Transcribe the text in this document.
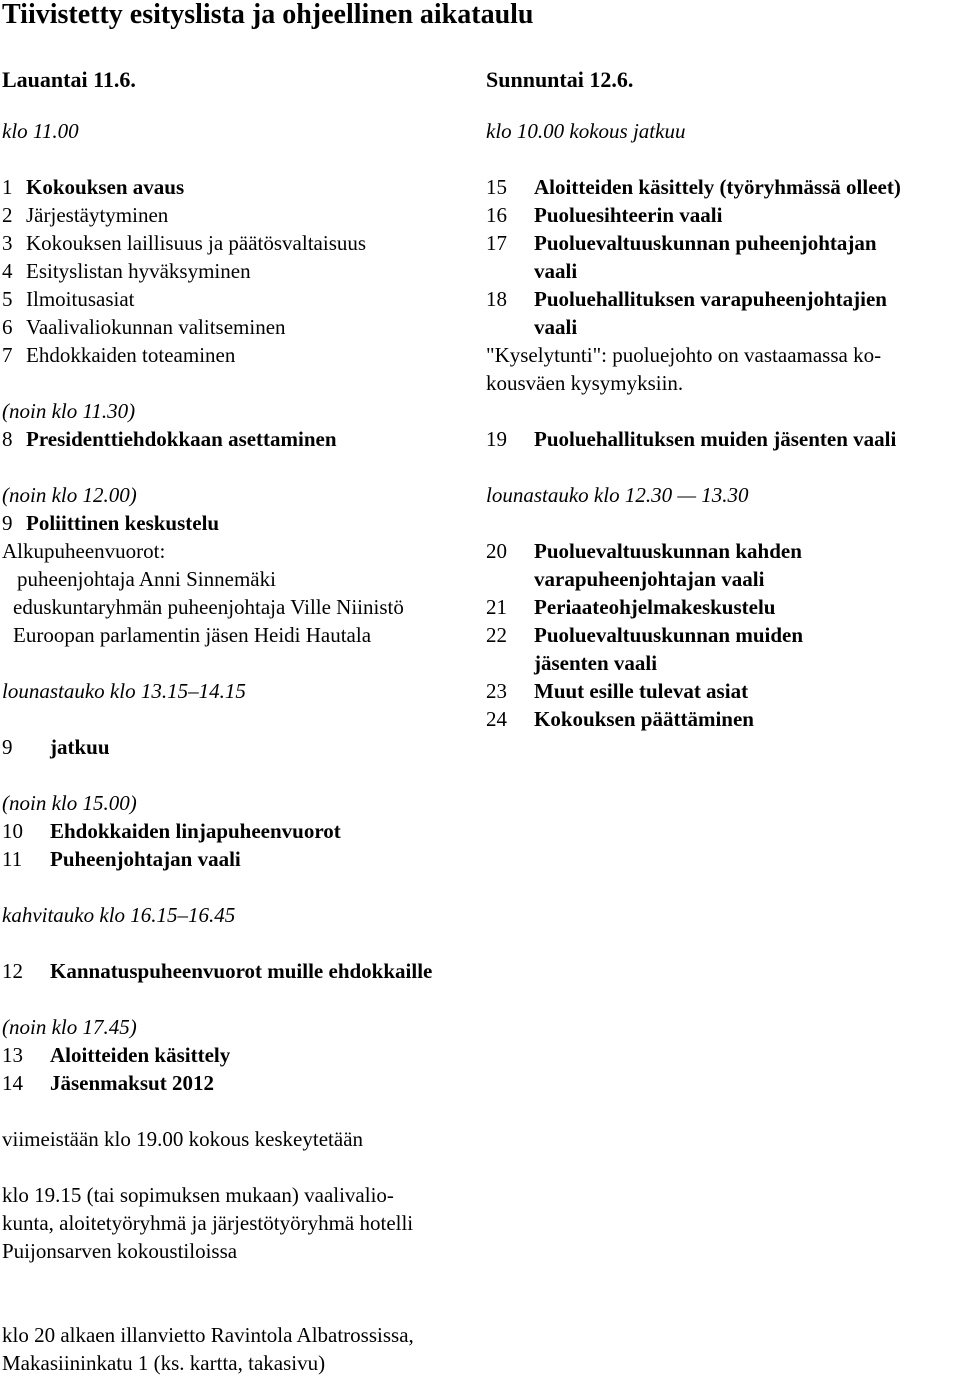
Tiivistetty esityslista ja ohjeellinen aikataulu
Lauantai 11.6.
klo 11.00
1 Kokouksen avaus
2 Järjestäytyminen
3 Kokouksen laillisuus ja päätösvaltaisuus
4 Esityslistan hyväksyminen
5 Ilmoitusasiat
6 Vaalivaliokunnan valitseminen
7 Ehdokkaiden toteaminen
(noin klo 11.30)
8 Presidenttiehdokkaan asettaminen
(noin klo 12.00)
9 Poliittinen keskustelu
Alkupuheenvuorot:
puheenjohtaja Anni Sinnemäki
eduskuntaryhmän puheenjohtaja Ville Niinistö
Euroopan parlamentin jäsen Heidi Hautala
lounastauko klo 13.15–14.15
9 jatkuu
(noin klo 15.00)
10 Ehdokkaiden linjapuheenvuorot
11 Puheenjohtajan vaali
kahvitauko klo 16.15–16.45
12 Kannatuspuheenvuorot muille ehdokkaille
(noin klo 17.45)
13 Aloitteiden käsittely
14 Jäsenmaksut 2012
viimeistään klo 19.00 kokous keskeytetään
klo 19.15 (tai sopimuksen mukaan) vaalivalio-
kunta, aloitetyöryhmä ja järjestötyöryhmä hotelli
Puijonsarven kokoustiloissa
klo 20 alkaen illanvietto Ravintola Albatrossissa,
Makasiininkatu 1 (ks. kartta, takasivu)
Sunnuntai 12.6.
klo 10.00 kokous jatkuu
15 Aloitteiden käsittely (työryhmässä olleet)
16 Puoluesihteerin vaali
17 Puoluevaltuuskunnan puheenjohtajan
vaali
18 Puoluehallituksen varapuheenjohtajien
vaali
"Kyselytunti": puoluejohto on vastaamassa ko-
kousväen kysymyksiin.
19 Puoluehallituksen muiden jäsenten vaali
lounastauko klo 12.30 — 13.30
20 Puoluevaltuuskunnan kahden
varapuheenjohtajan vaali
21 Periaateohjelmakeskustelu
22 Puoluevaltuuskunnan muiden
jäsenten vaali
23 Muut esille tulevat asiat
24 Kokouksen päättäminen
